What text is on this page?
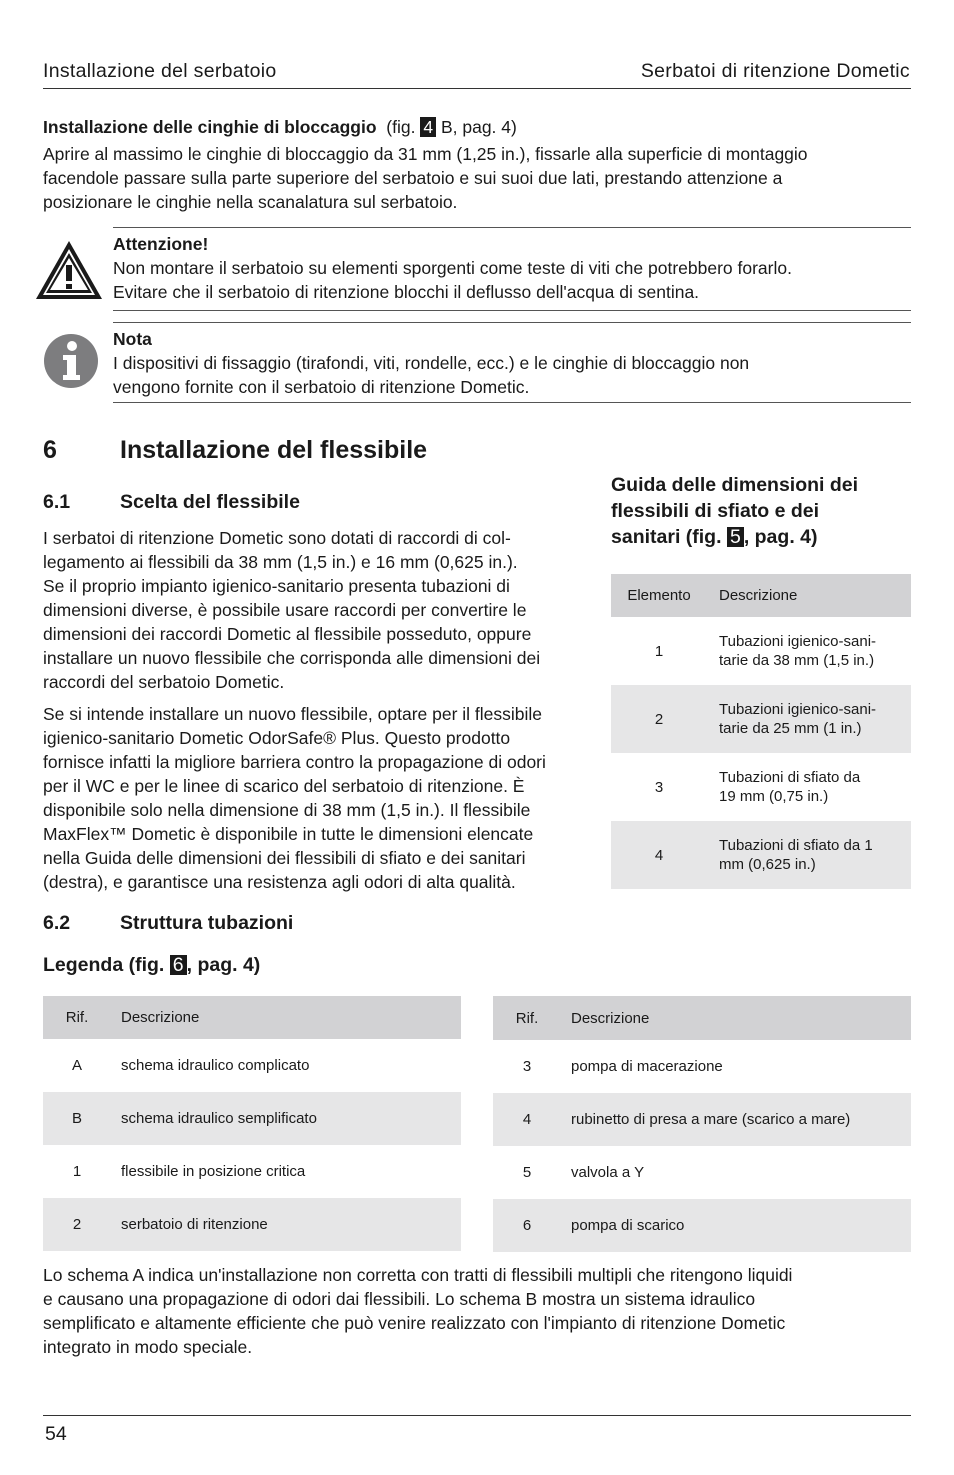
Installazione del serbatoio	Serbatoi di ritenzione Dometic
Installazione delle cinghie di bloccaggio (fig. 4 B, pag. 4)
Aprire al massimo le cinghie di bloccaggio da 31 mm (1,25 in.), fissarle alla superficie di montaggio
facendole passare sulla parte superiore del serbatoio e sui suoi due lati, prestando attenzione a
posizionare le cinghie nella scanalatura sul serbatoio.
Attenzione!
Non montare il serbatoio su elementi sporgenti come teste di viti che potrebbero forarlo.
Evitare che il serbatoio di ritenzione blocchi il deflusso dell'acqua di sentina.
Nota
I dispositivi di fissaggio (tirafondi, viti, rondelle, ecc.) e le cinghie di bloccaggio non
vengono fornite con il serbatoio di ritenzione Dometic.
6	Installazione del flessibile
6.1	Scelta del flessibile
I serbatoi di ritenzione Dometic sono dotati di raccordi di col-
legamento ai flessibili da 38 mm (1,5 in.) e 16 mm (0,625 in.).
Se il proprio impianto igienico-sanitario presenta tubazioni di
dimensioni diverse, è possibile usare raccordi per convertire le
dimensioni dei raccordi Dometic al flessibile posseduto, oppure
installare un nuovo flessibile che corrisponda alle dimensioni dei
raccordi del serbatoio Dometic.
Se si intende installare un nuovo flessibile, optare per il flessibile
igienico-sanitario Dometic OdorSafe® Plus. Questo prodotto
fornisce infatti la migliore barriera contro la propagazione di odori
per il WC e per le linee di scarico del serbatoio di ritenzione. È
disponibile solo nella dimensione di 38 mm (1,5 in.). Il flessibile
MaxFlex™ Dometic è disponibile in tutte le dimensioni elencate
nella Guida delle dimensioni dei flessibili di sfiato e dei sanitari
(destra), e garantisce una resistenza agli odori di alta qualità.
Guida delle dimensioni dei
flessibili di sfiato e dei
sanitari (fig. 5 , pag. 4)
Elemento	Descrizione
1	Tubazioni igienico-sani-
tarie da 38 mm (1,5 in.)

2	Tubazioni igienico-sani-
tarie da 25 mm (1 in.)

3	Tubazioni di sfiato da
19 mm (0,75 in.)

4	Tubazioni di sfiato da 1
mm (0,625 in.)
6.2	Struttura tubazioni
Legenda (fig. 6 , pag. 4)
Rif.	Descrizione
A	schema idraulico complicato
B	schema idraulico semplificato
1	flessibile in posizione critica
2	serbatoio di ritenzione
Rif.	Descrizione
3	pompa di macerazione
4	rubinetto di presa a mare (scarico a mare)
5	valvola a Y
6	pompa di scarico
Lo schema A indica un'installazione non corretta con tratti di flessibili multipli che ritengono liquidi
e causano una propagazione di odori dai flessibili. Lo schema B mostra un sistema idraulico
semplificato e altamente efficiente che può venire realizzato con l'impianto di ritenzione Dometic
integrato in modo speciale.
54
